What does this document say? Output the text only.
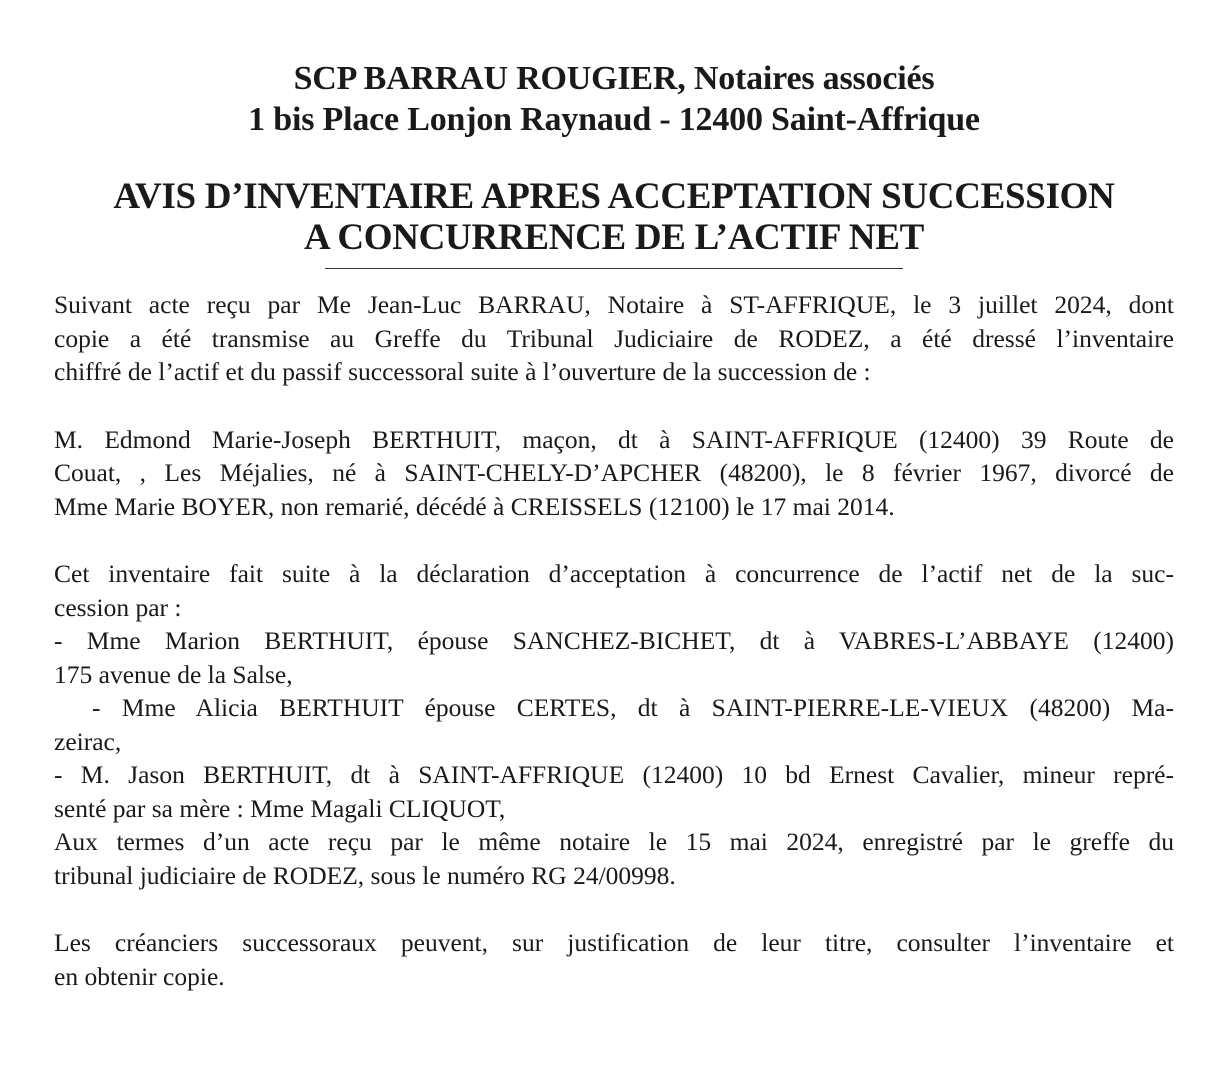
SCP BARRAU ROUGIER, Notaires associés
1 bis Place Lonjon Raynaud - 12400 Saint-Affrique
AVIS D’INVENTAIRE APRES ACCEPTATION SUCCESSION
A CONCURRENCE DE L’ACTIF NET
Suivant acte reçu par Me Jean-Luc BARRAU, Notaire à ST-AFFRIQUE, le 3 juillet 2024, dont
copie a été transmise au Greffe du Tribunal Judiciaire de RODEZ, a été dressé l’inventaire
chiffré de l’actif et du passif successoral suite à l’ouverture de la succession de :
M. Edmond Marie-Joseph BERTHUIT, maçon, dt à SAINT-AFFRIQUE (12400) 39 Route de
Couat, , Les Méjalies, né à SAINT-CHELY-D’APCHER (48200), le 8 février 1967, divorcé de
Mme Marie BOYER, non remarié, décédé à CREISSELS (12100) le 17 mai 2014.
Cet inventaire fait suite à la déclaration d’acceptation à concurrence de l’actif net de la suc-
cession par :
- Mme Marion BERTHUIT, épouse SANCHEZ-BICHET, dt à VABRES-L’ABBAYE (12400)
175 avenue de la Salse,
- Mme Alicia BERTHUIT épouse CERTES, dt à SAINT-PIERRE-LE-VIEUX (48200) Ma-
zeirac,
- M. Jason BERTHUIT, dt à SAINT-AFFRIQUE (12400) 10 bd Ernest Cavalier, mineur repré-
senté par sa mère : Mme Magali CLIQUOT,
Aux termes d’un acte reçu par le même notaire le 15 mai 2024, enregistré par le greffe du
tribunal judiciaire de RODEZ, sous le numéro RG 24/00998.
Les créanciers successoraux peuvent, sur justification de leur titre, consulter l’inventaire et
en obtenir copie.
